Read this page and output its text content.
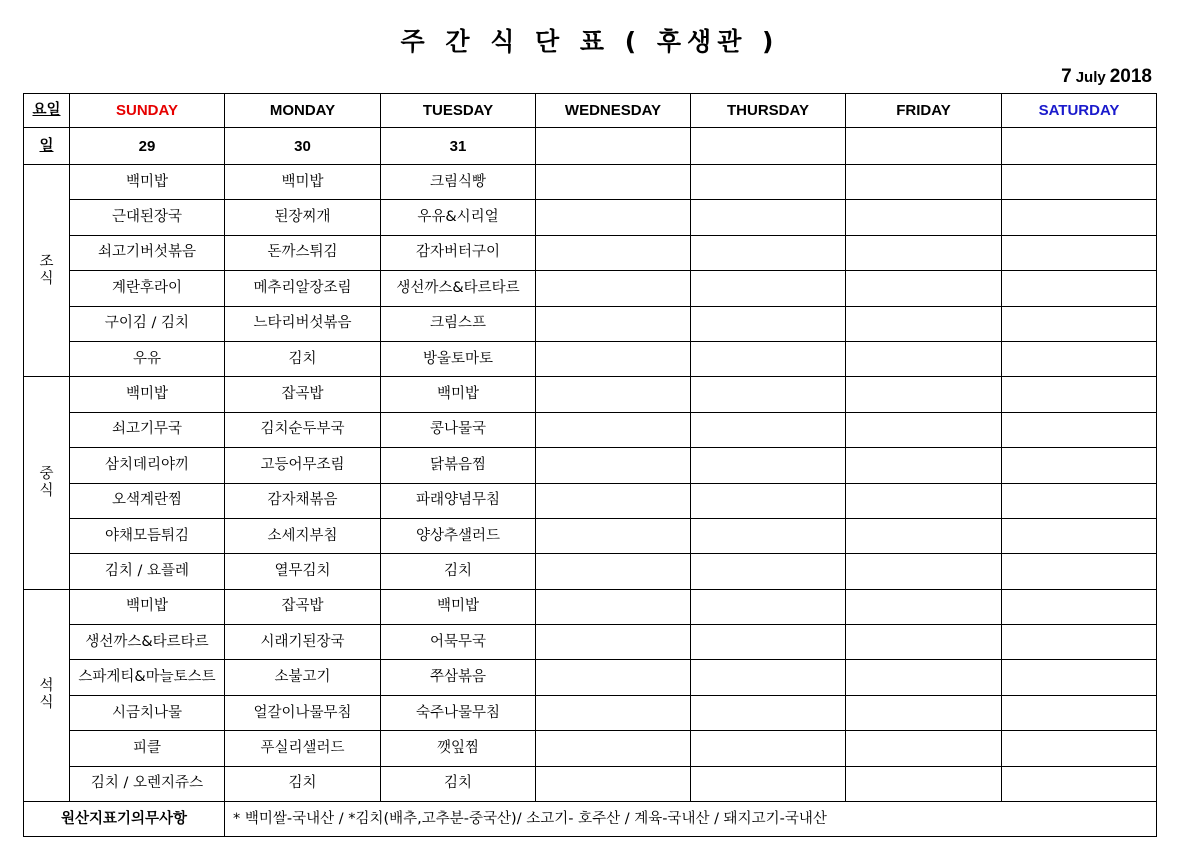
주 간 식 단 표 ( 후생관 )
7 July 2018
요일	SUNDAY	MONDAY	TUESDAY	WEDNESDAY	THURSDAY	FRIDAY	SATURDAY
일	29	30	31				

조
식	백미밥	백미밥	크림식빵				

	근대된장국	된장찌개	우유&시리얼				

	쇠고기버섯볶음	돈까스튀김	감자버터구이				

	계란후라이	메추리알장조림	생선까스&타르타르				

	구이김 / 김치	느타리버섯볶음	크림스프				

	우유	김치	방울토마토				

중
식	백미밥	잡곡밥	백미밥				

	쇠고기무국	김치순두부국	콩나물국				

	삼치데리야끼	고등어무조림	닭볶음찜				

	오색계란찜	감자채볶음	파래양념무침				

	야채모듬튀김	소세지부침	양상추샐러드				

	김치 / 요플레	열무김치	김치				

석
식	백미밥	잡곡밥	백미밥				

	생선까스&타르타르	시래기된장국	어묵무국				

	스파게티&마늘토스트	소불고기	쭈삼볶음				

	시금치나물	얼갈이나물무침	숙주나물무침				

	피클	푸실리샐러드	깻잎찜				

	김치 / 오렌지쥬스	김치	김치				

원산지표기의무사항		* 백미쌀-국내산 / *김치(배추,고추분-중국산)/ 소고기- 호주산 / 계육-국내산 / 돼지고기-국내산					
